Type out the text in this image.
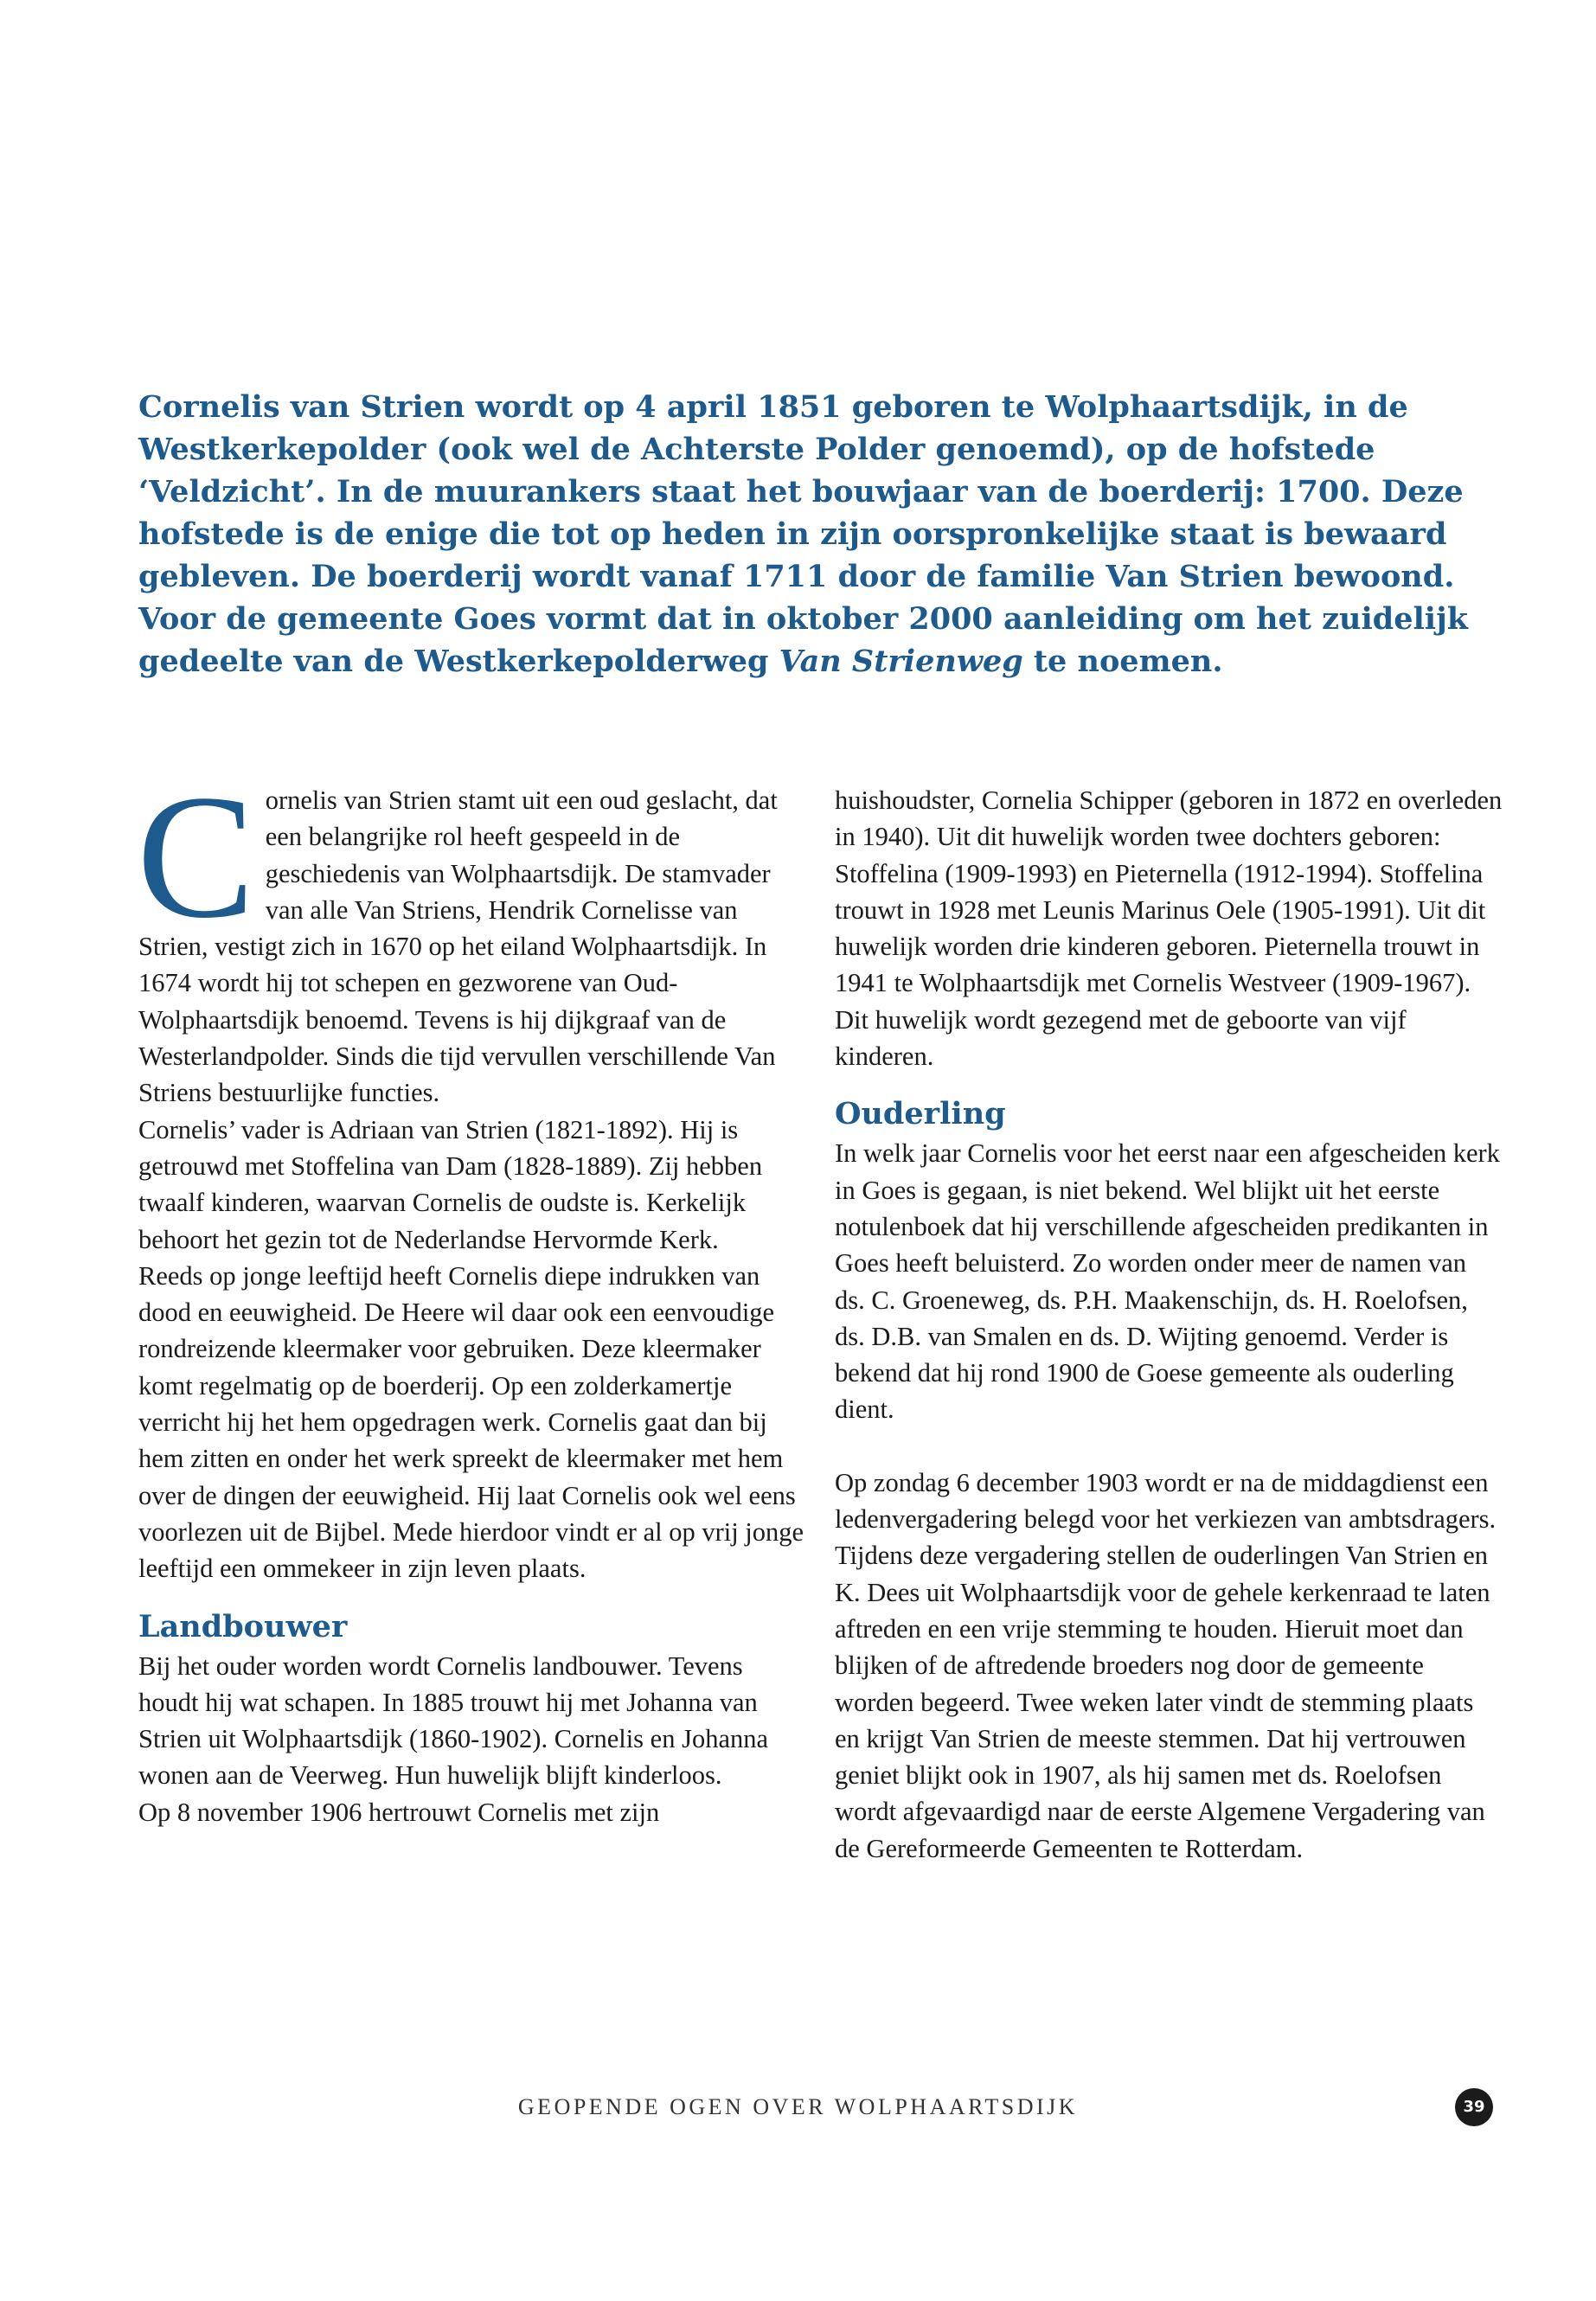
Cornelis van Strien wordt op 4 april 1851 geboren te Wolphaartsdijk, in de
Westkerkepolder (ook wel de Achterste Polder genoemd), op de hofstede
‘Veldzicht’. In de muurankers staat het bouwjaar van de boerderij: 1700. Deze
hofstede is de enige die tot op heden in zijn oorspronkelijke staat is bewaard
gebleven. De boerderij wordt vanaf 1711 door de familie Van Strien bewoond.
Voor de gemeente Goes vormt dat in oktober 2000 aanleiding om het zuidelijk
gedeelte van de Westkerkepolderweg Van Strienweg te noemen.

Cornelis van Strien stamt uit een oud geslacht, dat een belangrijke rol heeft gespeeld in de geschiedenis van Wolphaartsdijk. De stamvader van alle Van Striens, Hendrik Cornelisse van Strien, vestigt zich in 1670 op het eiland Wolphaartsdijk. In 1674 wordt hij tot schepen en gezworene van Oud-Wolphaartsdijk benoemd. Tevens is hij dijkgraaf van de Westerlandpolder. Sinds die tijd vervullen verschillende Van Striens bestuurlijke functies.

Cornelis’ vader is Adriaan van Strien (1821-1892). Hij is getrouwd met Stoffelina van Dam (1828-1889). Zij hebben twaalf kinderen, waarvan Cornelis de oudste is. Kerkelijk behoort het gezin tot de Nederlandse Hervormde Kerk.

Reeds op jonge leeftijd heeft Cornelis diepe indrukken van dood en eeuwigheid. De Heere wil daar ook een eenvoudige rondreizende kleermaker voor gebruiken. Deze kleermaker komt regelmatig op de boerderij. Op een zolderkamertje verricht hij het hem opgedragen werk. Cornelis gaat dan bij hem zitten en onder het werk spreekt de kleermaker met hem over de dingen der eeuwigheid. Hij laat Cornelis ook wel eens voorlezen uit de Bijbel. Mede hierdoor vindt er al op vrij jonge leeftijd een ommekeer in zijn leven plaats.

Landbouwer

Bij het ouder worden wordt Cornelis landbouwer. Tevens houdt hij wat schapen. In 1885 trouwt hij met Johanna van Strien uit Wolphaartsdijk (1860-1902). Cornelis en Johanna wonen aan de Veerweg. Hun huwelijk blijft kinderloos.

Op 8 november 1906 hertrouwt Cornelis met zijn

huishoudster, Cornelia Schipper (geboren in 1872 en overleden in 1940). Uit dit huwelijk worden twee dochters geboren: Stoffelina (1909-1993) en Pieternella (1912-1994). Stoffelina trouwt in 1928 met Leunis Marinus Oele (1905-1991). Uit dit huwelijk worden drie kinderen geboren. Pieternella trouwt in 1941 te Wolphaartsdijk met Cornelis Westveer (1909-1967). Dit huwelijk wordt gezegend met de geboorte van vijf kinderen.

Ouderling

In welk jaar Cornelis voor het eerst naar een afgescheiden kerk in Goes is gegaan, is niet bekend. Wel blijkt uit het eerste notulenboek dat hij verschillende afgescheiden predikanten in Goes heeft beluisterd. Zo worden onder meer de namen van ds. C. Groeneweg, ds. P.H. Maakenschijn, ds. H. Roelofsen, ds. D.B. van Smalen en ds. D. Wijting genoemd. Verder is bekend dat hij rond 1900 de Goese gemeente als ouderling dient.

Op zondag 6 december 1903 wordt er na de middagdienst een ledenvergadering belegd voor het verkiezen van ambtsdragers. Tijdens deze vergadering stellen de ouderlingen Van Strien en K. Dees uit Wolphaartsdijk voor de gehele kerkenraad te laten aftreden en een vrije stemming te houden. Hieruit moet dan blijken of de aftredende broeders nog door de gemeente worden begeerd. Twee weken later vindt de stemming plaats en krijgt Van Strien de meeste stemmen. Dat hij vertrouwen geniet blijkt ook in 1907, als hij samen met ds. Roelofsen wordt afgevaardigd naar de eerste Algemene Vergadering van de Gereformeerde Gemeenten te Rotterdam.

GEOPENDE OGEN OVER WOLPHAARTSDIJK	39
